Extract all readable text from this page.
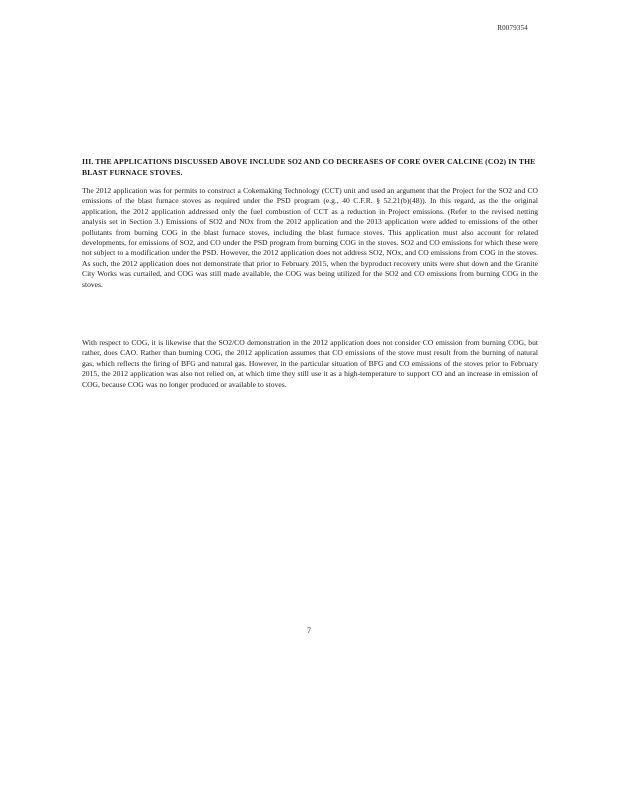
R0079354

III. THE APPLICATIONS DISCUSSED ABOVE INCLUDE SO2 AND CO DECREASES OF CORE OVER CALCINE (CO2) IN THE BLAST FURNACE STOVES.

The 2012 application was for permits to construct a Cokemaking Technology (CCT) unit and used an argument that the Project for the SO2 and CO emissions of the blast furnace stoves as required under the PSD program (e.g., 40 C.F.R. § 52.21(b)(48)). In this regard, as the the original application, the 2012 application addressed only the fuel combustion of CCT as a reduction in Project emissions. (Refer to the revised netting analysis set in Section 3.) Emissions of SO2 and NOx from the 2012 application and the 2013 application were added to emissions of the other pollutants from burning COG in the blast furnace stoves, including the blast furnace stoves. This application must also account for related developments, for emissions of SO2, and CO under the PSD program from burning COG in the stoves. SO2 and CO emissions for which these were not subject to a modification under the PSD. However, the 2012 application does not address SO2, NOx, and CO emissions from COG in the stoves. As such, the 2012 application does not demonstrate that prior to February 2015, when the byproduct recovery units were shut down and the Granite City Works was curtailed, and COG was still made available, the COG was being utilized for the SO2 and CO emissions from burning COG in the stoves.

With respect to COG, it is likewise that the SO2/CO demonstration in the 2012 application does not consider CO emission from burning COG, but rather, does CAO. Rather than burning COG, the 2012 application assumes that CO emissions of the stove must result from the burning of natural gas, which reflects the firing of BFG and natural gas. However, in the particular situation of BFG and CO emissions of the stoves prior to February 2015, the 2012 application was also not relied on, at which time they still use it as a high-temperature to support CO and an increase in emission of COG, because COG was no longer produced or available to stoves.

7
